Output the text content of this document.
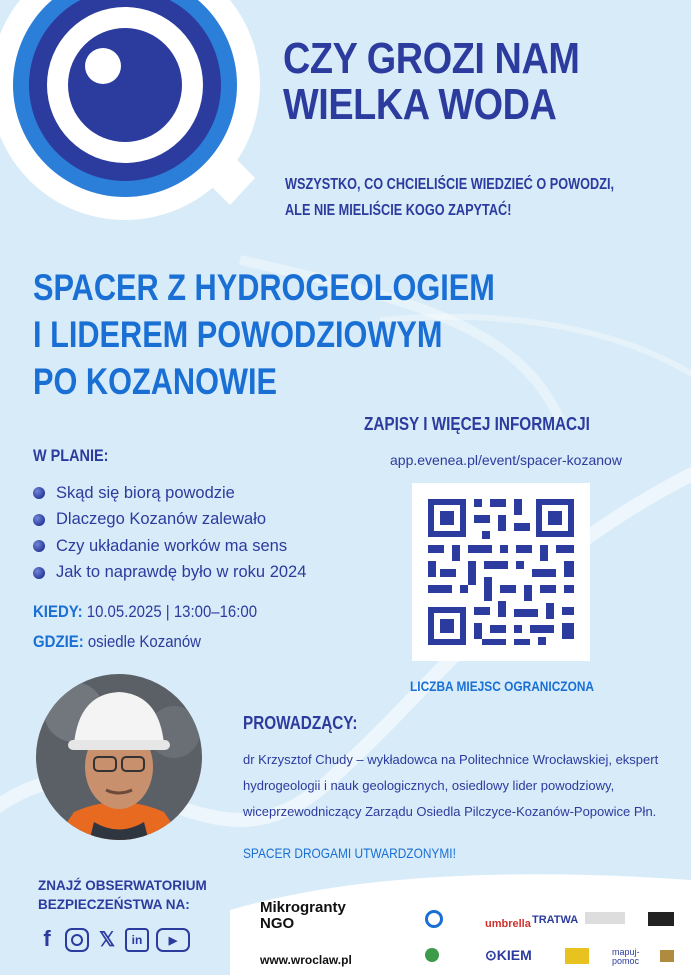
CZY GROZI NAM
WIELKA WODA
WSZYSTKO, CO CHCIELIŚCIE WIEDZIEĆ O POWODZI,
ALE NIE MIELIŚCIE KOGO ZAPYTAĆ!
SPACER Z HYDROGEOLOGIEM
I LIDEREM POWODZIOWYM
PO KOZANOWIE
W PLANIE:
Skąd się biorą powodzie
Dlaczego Kozanów zalewało
Czy układanie worków ma sens
Jak to naprawdę było w roku 2024
KIEDY: 10.05.2025 | 13:00–16:00
GDZIE: osiedle Kozanów
ZAPISY I WIĘCEJ INFORMACJI
app.evenea.pl/event/spacer-kozanow
LICZBA MIEJSC OGRANICZONA
PROWADZĄCY:
dr Krzysztof Chudy – wykładowca na Politechnice Wrocławskiej, ekspert
hydrogeologii i nauk geologicznych, osiedlowy lider powodziowy,
wiceprzewodniczący Zarządu Osiedla Pilczyce-Kozanów-Popowice Płn.
SPACER DROGAMI UTWARDZONYMI!
ZNAJŹ OBSERWATORIUM
BEZPIECZEŃSTWA NA:
f	𝕏	in	▶
Mikrogranty
NGO
www.wroclaw.pl
umbrella TRATWA
⊙KIEM	mapuj-pomoc
